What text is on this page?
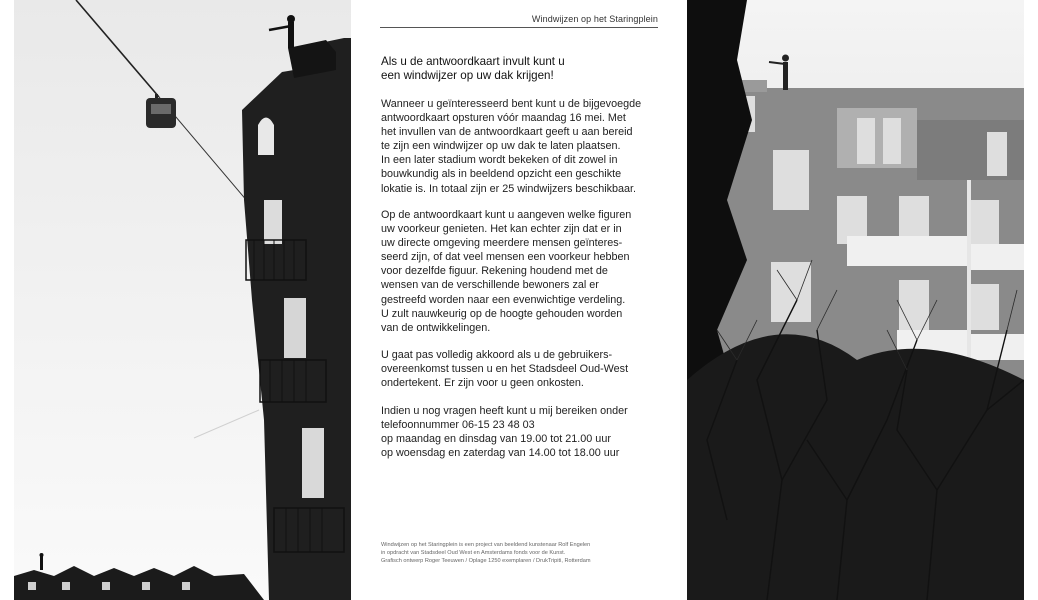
Windwijzen op het Staringplein
Als u de antwoordkaart invult kunt u
een windwijzer op uw dak krijgen!
Wanneer u geïnteresseerd bent kunt u de bijgevoegde
antwoordkaart opsturen vóór maandag 16 mei. Met
het invullen van de antwoordkaart geeft u aan bereid
te zijn een windwijzer op uw dak te laten plaatsen.
In een later stadium wordt bekeken of dit zowel in
bouwkundig als in beeldend opzicht een geschikte
lokatie is. In totaal zijn er 25 windwijzers beschikbaar.
Op de antwoordkaart kunt u aangeven welke figuren
uw voorkeur genieten. Het kan echter zijn dat er in
uw directe omgeving meerdere mensen geïnteres-
seerd zijn, of dat veel mensen een voorkeur hebben
voor dezelfde figuur. Rekening houdend met de
wensen van de verschillende bewoners zal er
gestreefd worden naar een evenwichtige verdeling.
U zult nauwkeurig op de hoogte gehouden worden
van de ontwikkelingen.
U gaat pas volledig akkoord als u de gebruikers-
overeenkomst tussen u en het Stadsdeel Oud-West
ondertekent. Er zijn voor u geen onkosten.
Indien u nog vragen heeft kunt u mij bereiken onder
telefoonnummer 06-15 23 48 03
op maandag en dinsdag van 19.00 tot 21.00 uur
op woensdag en zaterdag van 14.00 tot 18.00 uur
Windwijzen op het Staringplein is een project van beeldend kunstenaar Rolf Engelen
in opdracht van Stadsdeel Oud West en Amsterdams fonds voor de Kunst.
Grafisch ontwerp Roger Teeuwen / Oplage 1250 exemplaren / DrukTripiti, Rotterdam
